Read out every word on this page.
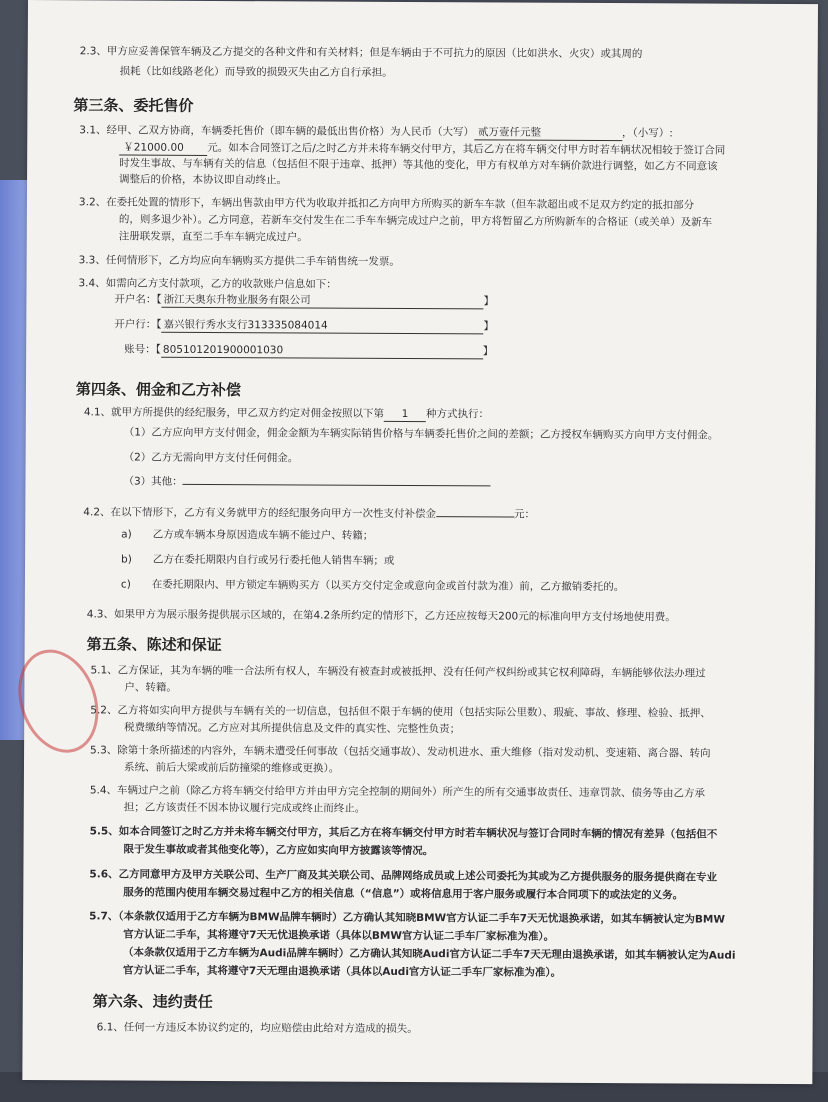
2.3、甲方应妥善保管车辆及乙方提交的各种文件和有关材料；但是车辆由于不可抗力的原因（比如洪水、火灾）或其周的
损耗（比如线路老化）而导致的损毁灭失由乙方自行承担。
第三条、委托售价
3.1、经甲、乙双方协商，车辆委托售价（即车辆的最低出售价格）为人民币（大写） 贰万壹仟元整	，（小写）:
￥21000.00 元。如本合同签订之后/之时乙方并未将车辆交付甲方，其后乙方在将车辆交付甲方时若车辆状况相较于签订合同
时发生事故、与车辆有关的信息（包括但不限于违章、抵押）等其他的变化，甲方有权单方对车辆价款进行调整，如乙方不同意该
调整后的价格，本协议即自动终止。
3.2、在委托处置的情形下，车辆出售款由甲方代为收取并抵扣乙方向甲方所购买的新车车款（但车款超出或不足双方约定的抵扣部分
的，则多退少补）。乙方同意，若新车交付发生在二手车车辆完成过户之前，甲方将暂留乙方所购新车的合格证（或关单）及新车
注册联发票，直至二手车车辆完成过户。
3.3、任何情形下，乙方均应向车辆购买方提供二手车销售统一发票。
3.4、如需向乙方支付款项，乙方的收款账户信息如下：
开户名：【 浙江天奥东升物业服务有限公司	】
开户行：【 嘉兴银行秀水支行313335084014	】
账号：【 805101201900001030	】
第四条、佣金和乙方补偿
4.1、就甲方所提供的经纪服务，甲乙双方约定对佣金按照以下第 1 种方式执行：
（1）乙方应向甲方支付佣金，佣金金额为车辆实际销售价格与车辆委托售价之间的差额；乙方授权车辆购买方向甲方支付佣金。
（2）乙方无需向甲方支付任何佣金。
（3）其他：
4.2、在以下情形下，乙方有义务就甲方的经纪服务向甲方一次性支付补偿金	元：
a)　　乙方或车辆本身原因造成车辆不能过户、转籍；
b)　　乙方在委托期限内自行或另行委托他人销售车辆；或
c)　　在委托期限内、甲方锁定车辆购买方（以买方交付定金或意向金或首付款为准）前，乙方撤销委托的。
4.3、如果甲方为展示服务提供展示区域的，在第4.2条所约定的情形下，乙方还应按每天200元的标准向甲方支付场地使用费。
第五条、陈述和保证
5.1、乙方保证，其为车辆的唯一合法所有权人，车辆没有被查封或被抵押、没有任何产权纠纷或其它权利障碍，车辆能够依法办理过
户、转籍。
5.2、乙方将如实向甲方提供与车辆有关的一切信息，包括但不限于车辆的使用（包括实际公里数）、瑕疵、事故、修理、检验、抵押、
税费缴纳等情况。乙方应对其所提供信息及文件的真实性、完整性负责；
5.3、除第十条所描述的内容外，车辆未遭受任何事故（包括交通事故）、发动机进水、重大维修（指对发动机、变速箱、离合器、转向
系统、前后大梁或前后防撞梁的维修或更换）。
5.4、车辆过户之前（除乙方将车辆交付给甲方并由甲方完全控制的期间外）所产生的所有交通事故责任、违章罚款、债务等由乙方承
担；乙方该责任不因本协议履行完成或终止而终止。
5.5、如本合同签订之时乙方并未将车辆交付甲方，其后乙方在将车辆交付甲方时若车辆状况与签订合同时车辆的情况有差异（包括但不
限于发生事故或者其他变化等），乙方应如实向甲方披露该等情况。
5.6、乙方同意甲方及甲方关联公司、生产厂商及其关联公司、品牌网络成员或上述公司委托为其或为乙方提供服务的服务提供商在专业
服务的范围内使用车辆交易过程中乙方的相关信息（“信息”）或将信息用于客户服务或履行本合同项下的或法定的义务。
5.7、（本条款仅适用于乙方车辆为BMW品牌车辆时）乙方确认其知晓BMW官方认证二手车7天无忧退换承诺，如其车辆被认定为BMW
官方认证二手车，其将遵守7天无忧退换承诺（具体以BMW官方认证二手车厂家标准为准）。
（本条款仅适用于乙方车辆为Audi品牌车辆时）乙方确认其知晓Audi官方认证二手车7天无理由退换承诺，如其车辆被认定为Audi
官方认证二手车，其将遵守7天无理由退换承诺（具体以Audi官方认证二手车厂家标准为准）。
第六条、违约责任
6.1、任何一方违反本协议约定的，均应赔偿由此给对方造成的损失。
